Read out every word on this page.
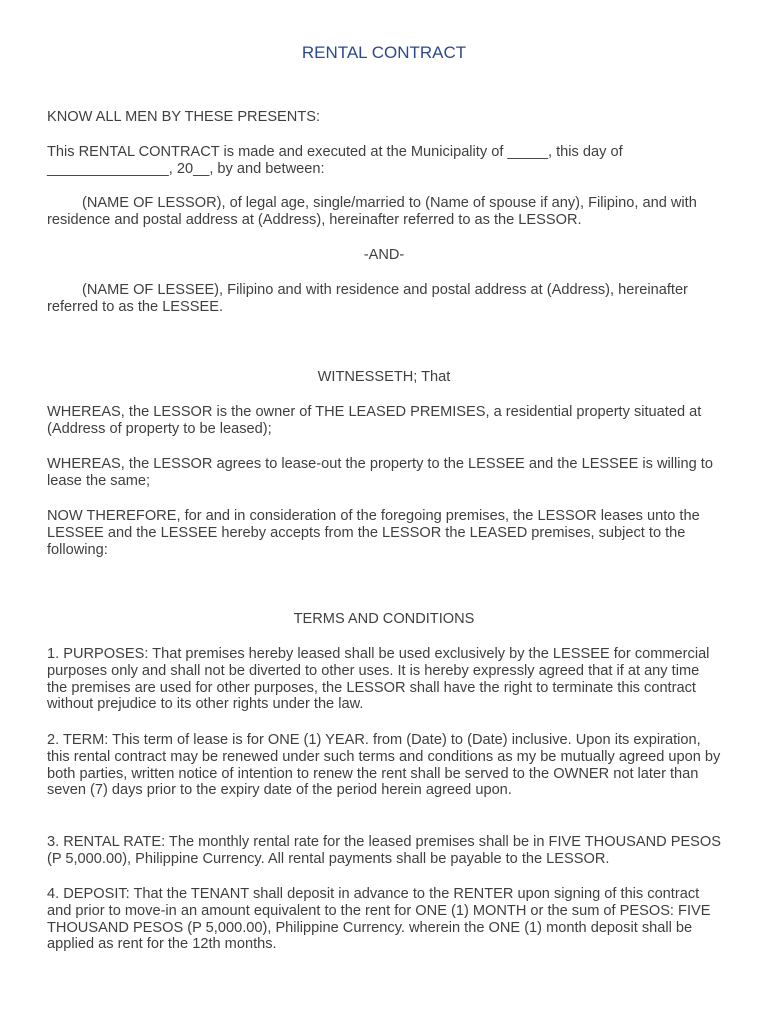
RENTAL CONTRACT

KNOW ALL MEN BY THESE PRESENTS:

This RENTAL CONTRACT is made and executed at the Municipality of _____, this day of _______________, 20__, by and between:

(NAME OF LESSOR), of legal age, single/married to (Name of spouse if any), Filipino, and with residence and postal address at (Address), hereinafter referred to as the LESSOR.

-AND-

(NAME OF LESSEE), Filipino and with residence and postal address at (Address), hereinafter referred to as the LESSEE.

WITNESSETH; That

WHEREAS, the LESSOR is the owner of THE LEASED PREMISES, a residential property situated at (Address of property to be leased);

WHEREAS, the LESSOR agrees to lease-out the property to the LESSEE and the LESSEE is willing to lease the same;

NOW THEREFORE, for and in consideration of the foregoing premises, the LESSOR leases unto the LESSEE and the LESSEE hereby accepts from the LESSOR the LEASED premises, subject to the following:

TERMS AND CONDITIONS

1. PURPOSES: That premises hereby leased shall be used exclusively by the LESSEE for commercial purposes only and shall not be diverted to other uses. It is hereby expressly agreed that if at any time the premises are used for other purposes, the LESSOR shall have the right to terminate this contract without prejudice to its other rights under the law.

2. TERM: This term of lease is for ONE (1) YEAR. from (Date) to (Date) inclusive. Upon its expiration, this rental contract may be renewed under such terms and conditions as my be mutually agreed upon by both parties, written notice of intention to renew the rent shall be served to the OWNER not later than seven (7) days prior to the expiry date of the period herein agreed upon.

3. RENTAL RATE: The monthly rental rate for the leased premises shall be in FIVE THOUSAND PESOS (P 5,000.00), Philippine Currency. All rental payments shall be payable to the LESSOR.

4. DEPOSIT: That the TENANT shall deposit in advance to the RENTER upon signing of this contract and prior to move-in an amount equivalent to the rent for ONE (1) MONTH or the sum of PESOS: FIVE THOUSAND PESOS (P 5,000.00), Philippine Currency. wherein the ONE (1) month deposit shall be applied as rent for the 12th months.
